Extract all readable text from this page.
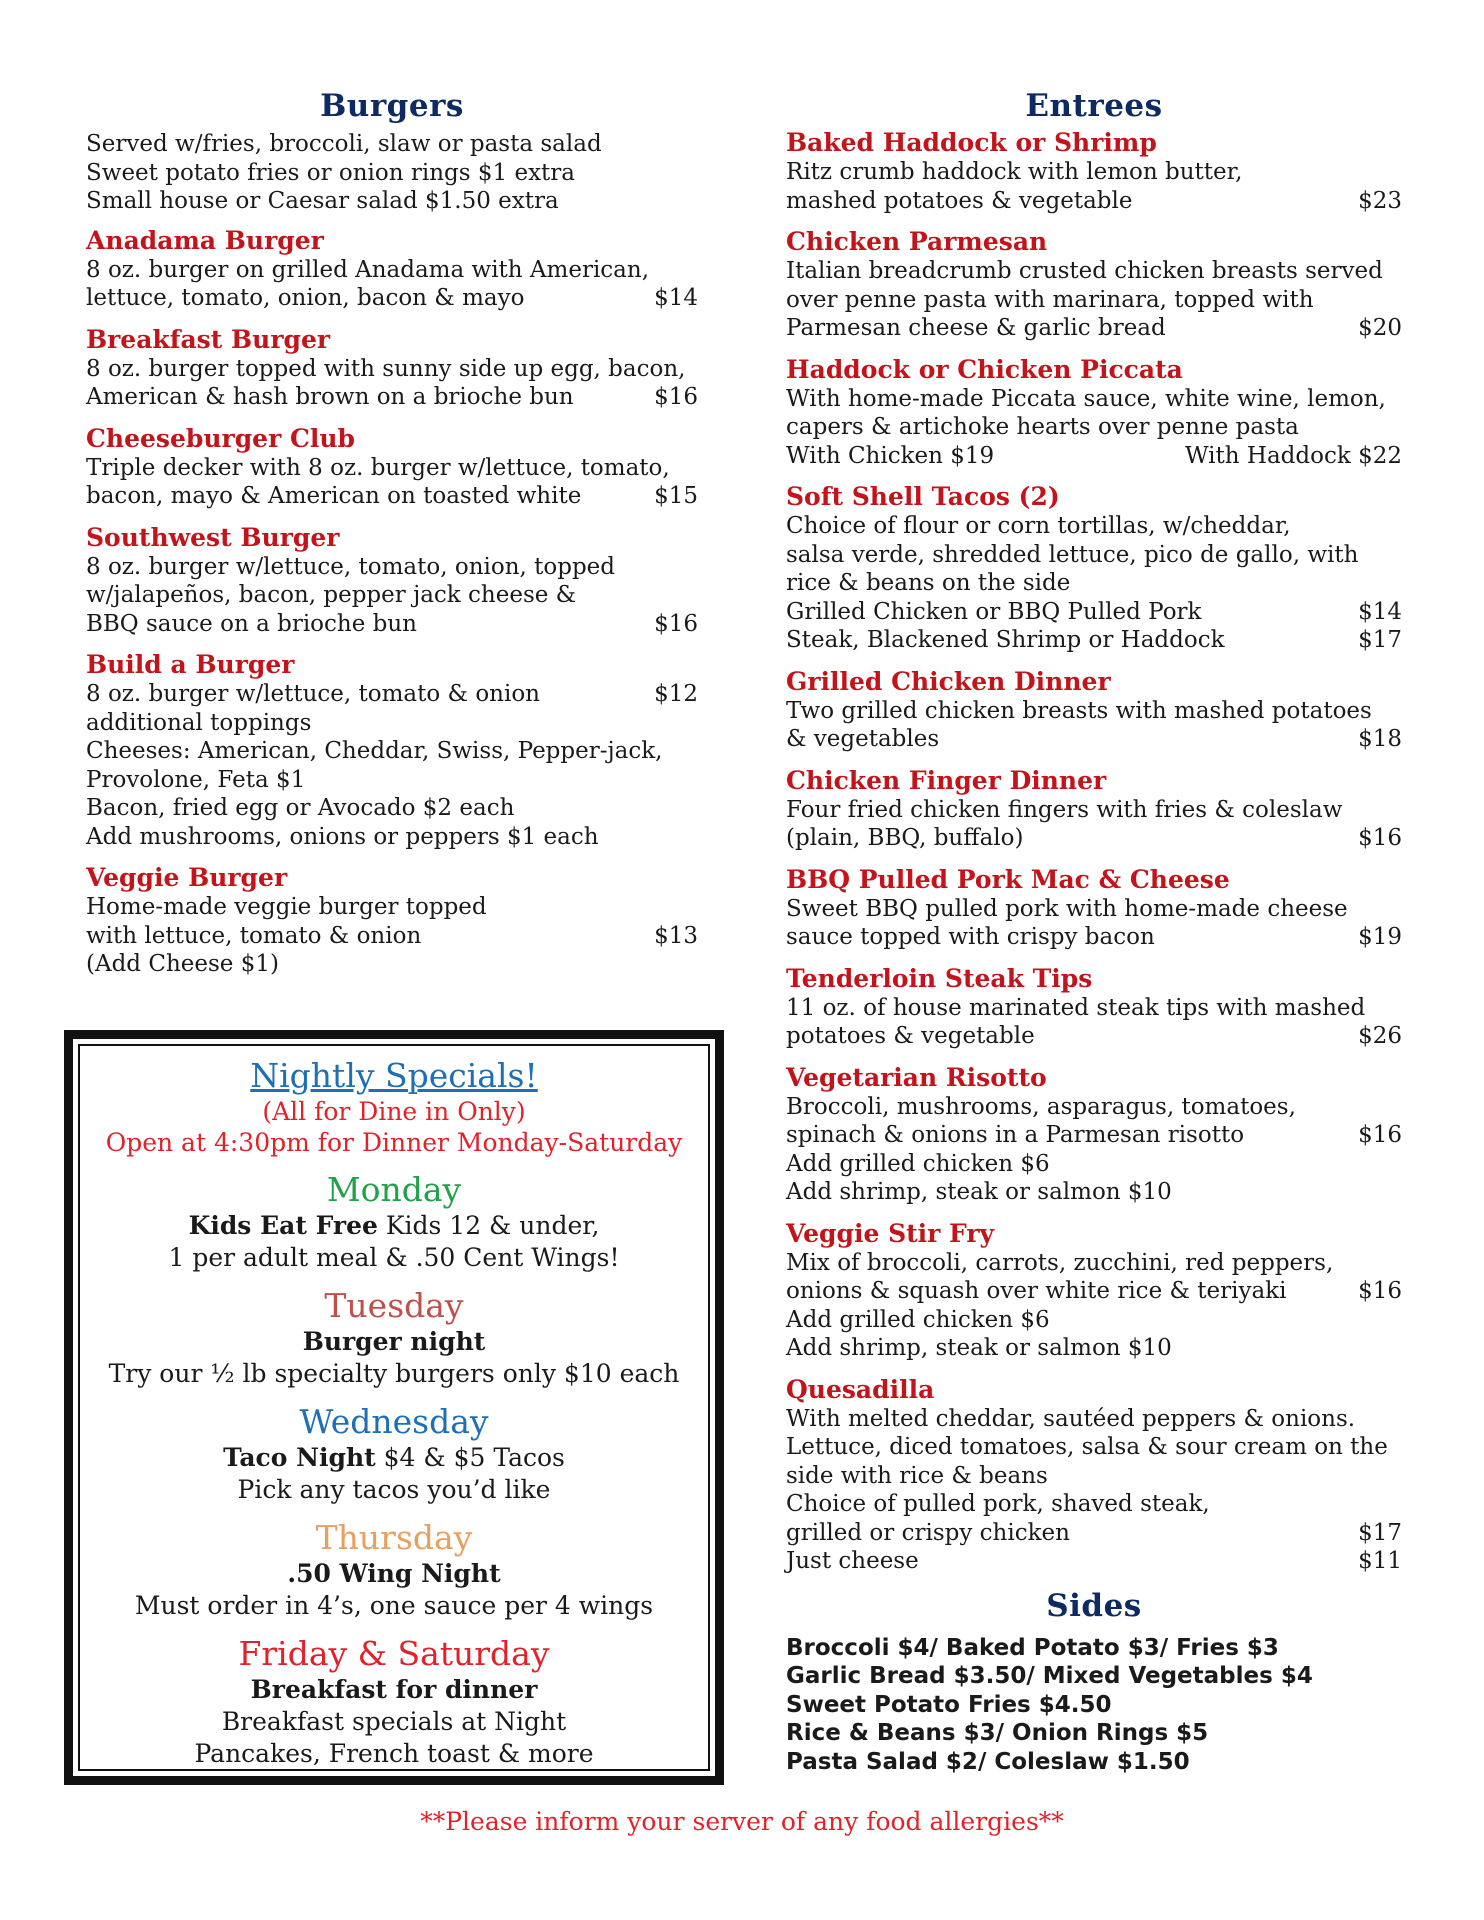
Burgers
Served w/fries, broccoli, slaw or pasta salad
Sweet potato fries or onion rings $1 extra
Small house or Caesar salad $1.50 extra
Anadama Burger
8 oz. burger on grilled Anadama with American,
lettuce, tomato, onion, bacon & mayo	$14
Breakfast Burger
8 oz. burger topped with sunny side up egg, bacon,
American & hash brown on a brioche bun	$16
Cheeseburger Club
Triple decker with 8 oz. burger w/lettuce, tomato,
bacon, mayo & American on toasted white	$15
Southwest Burger
8 oz. burger w/lettuce, tomato, onion, topped
w/jalapeños, bacon, pepper jack cheese &
BBQ sauce on a brioche bun	$16
Build a Burger
8 oz. burger w/lettuce, tomato & onion	$12
additional toppings
Cheeses: American, Cheddar, Swiss, Pepper-jack,
Provolone, Feta $1
Bacon, fried egg or Avocado $2 each
Add mushrooms, onions or peppers $1 each
Veggie Burger
Home-made veggie burger topped
with lettuce, tomato & onion	$13
(Add Cheese $1)
Nightly Specials!
(All for Dine in Only)
Open at 4:30pm for Dinner Monday-Saturday
Monday
Kids Eat Free Kids 12 & under,
1 per adult meal & .50 Cent Wings!
Tuesday
Burger night
Try our ½ lb specialty burgers only $10 each
Wednesday
Taco Night $4 & $5 Tacos
Pick any tacos you’d like
Thursday
.50 Wing Night
Must order in 4’s, one sauce per 4 wings
Friday & Saturday
Breakfast for dinner
Breakfast specials at Night
Pancakes, French toast & more
Entrees
Baked Haddock or Shrimp
Ritz crumb haddock with lemon butter,
mashed potatoes & vegetable	$23
Chicken Parmesan
Italian breadcrumb crusted chicken breasts served
over penne pasta with marinara, topped with
Parmesan cheese & garlic bread	$20
Haddock or Chicken Piccata
With home-made Piccata sauce, white wine, lemon,
capers & artichoke hearts over penne pasta
With Chicken $19	With Haddock $22
Soft Shell Tacos (2)
Choice of flour or corn tortillas, w/cheddar,
salsa verde, shredded lettuce, pico de gallo, with
rice & beans on the side
Grilled Chicken or BBQ Pulled Pork	$14
Steak, Blackened Shrimp or Haddock	$17
Grilled Chicken Dinner
Two grilled chicken breasts with mashed potatoes
& vegetables	$18
Chicken Finger Dinner
Four fried chicken fingers with fries & coleslaw
(plain, BBQ, buffalo)	$16
BBQ Pulled Pork Mac & Cheese
Sweet BBQ pulled pork with home-made cheese
sauce topped with crispy bacon	$19
Tenderloin Steak Tips
11 oz. of house marinated steak tips with mashed
potatoes & vegetable	$26
Vegetarian Risotto
Broccoli, mushrooms, asparagus, tomatoes,
spinach & onions in a Parmesan risotto	$16
Add grilled chicken $6
Add shrimp, steak or salmon $10
Veggie Stir Fry
Mix of broccoli, carrots, zucchini, red peppers,
onions & squash over white rice & teriyaki	$16
Add grilled chicken $6
Add shrimp, steak or salmon $10
Quesadilla
With melted cheddar, sautéed peppers & onions.
Lettuce, diced tomatoes, salsa & sour cream on the
side with rice & beans
Choice of pulled pork, shaved steak,
grilled or crispy chicken	$17
Just cheese	$11
Sides
Broccoli $4/ Baked Potato $3/ Fries $3
Garlic Bread $3.50/ Mixed Vegetables $4
Sweet Potato Fries $4.50
Rice & Beans $3/ Onion Rings $5
Pasta Salad $2/ Coleslaw $1.50
**Please inform your server of any food allergies**
